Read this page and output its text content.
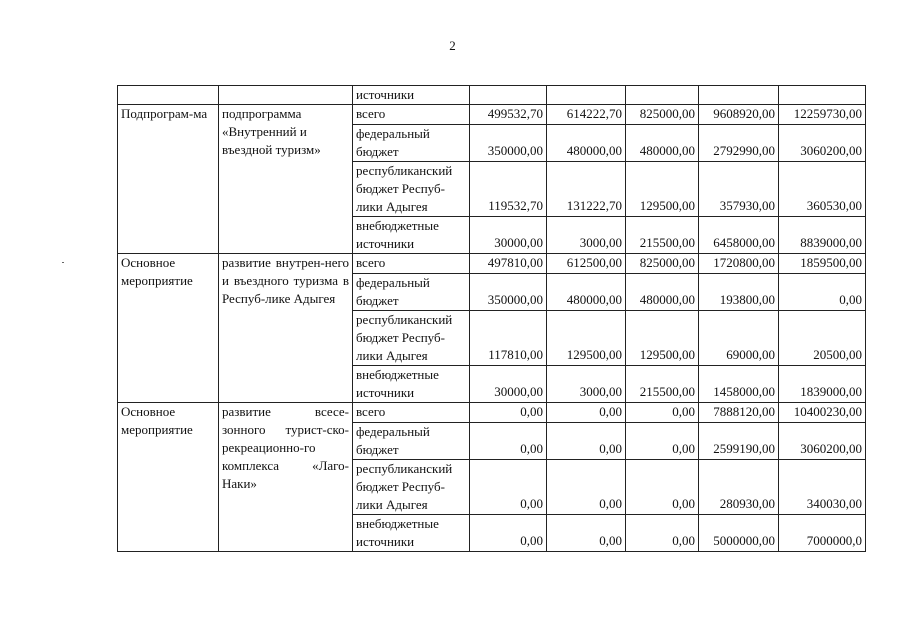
2
		источники					
Подпрограм-ма	подпрограмма «Внутренний и въездной туризм»	всего	499532,70	614222,70	825000,00	9608920,00	12259730,00
		федеральный бюджет	350000,00	480000,00	480000,00	2792990,00	3060200,00
		республиканский бюджет Респуб-лики Адыгея	119532,70	131222,70	129500,00	357930,00	360530,00
		внебюджетные источники	30000,00	3000,00	215500,00	6458000,00	8839000,00
Основное мероприятие	развитие внутрен-него и въездного туризма в Респуб-лике Адыгея	всего	497810,00	612500,00	825000,00	1720800,00	1859500,00
		федеральный бюджет	350000,00	480000,00	480000,00	193800,00	0,00
		республиканский бюджет Респуб-лики Адыгея	117810,00	129500,00	129500,00	69000,00	20500,00
		внебюджетные источники	30000,00	3000,00	215500,00	1458000,00	1839000,00
Основное мероприятие	развитие всесе-зонного турист-ско-рекреационно-го комплекса «Лаго-Наки»	всего	0,00	0,00	0,00	7888120,00	10400230,00
		федеральный бюджет	0,00	0,00	0,00	2599190,00	3060200,00
		республиканский бюджет Респуб-лики Адыгея	0,00	0,00	0,00	280930,00	340030,00
		внебюджетные источники	0,00	0,00	0,00	5000000,00	7000000,0
